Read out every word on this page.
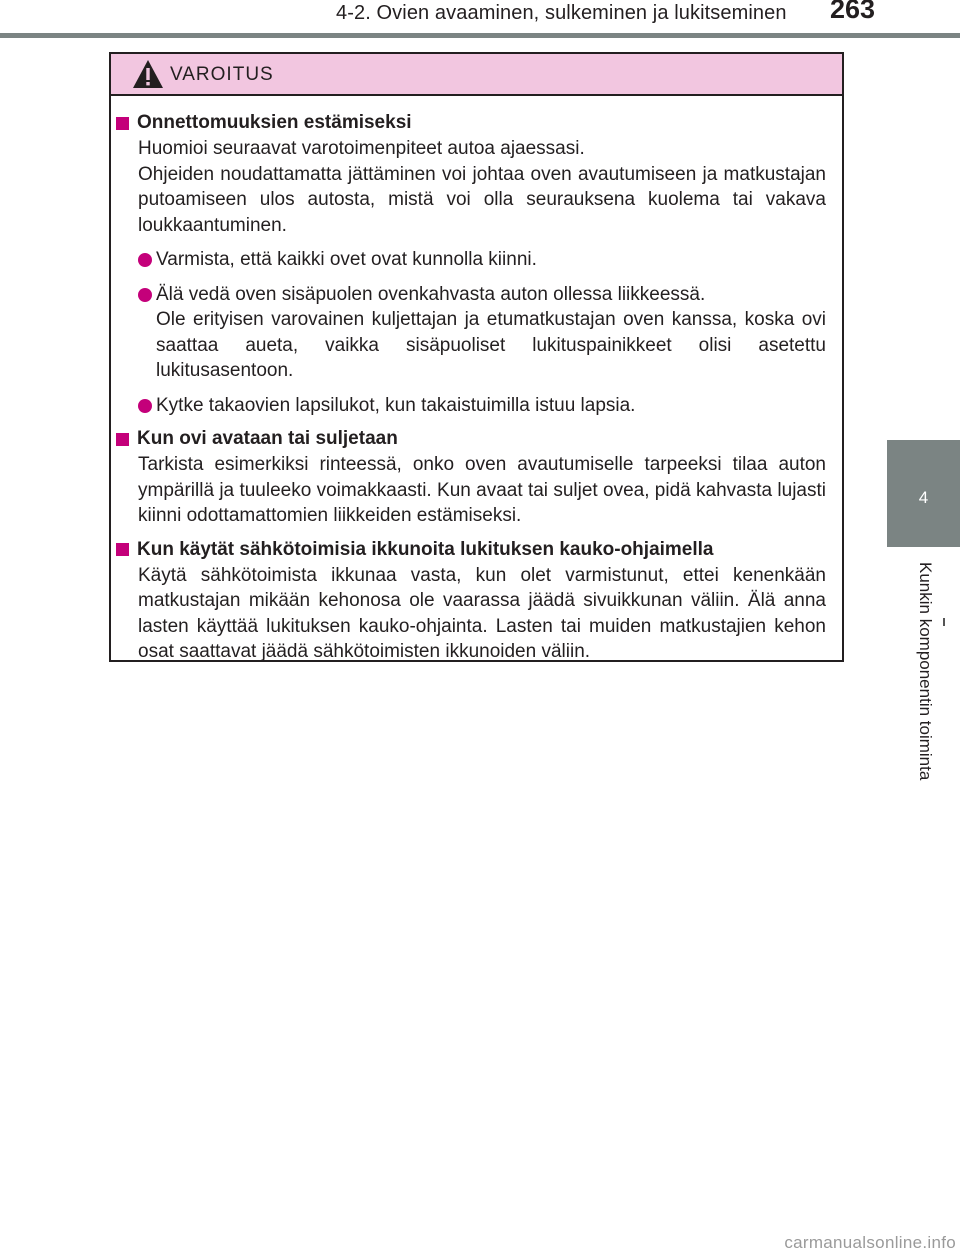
4-2. Ovien avaaminen, sulkeminen ja lukitseminen 263
4
Kunkin komponentin toiminta
VAROITUS
Onnettomuuksien estämiseksi
Huomioi seuraavat varotoimenpiteet autoa ajaessasi.
Ohjeiden noudattamatta jättäminen voi johtaa oven avautumiseen ja matkustajan putoamiseen ulos autosta, mistä voi olla seurauksena kuolema tai vakava loukkaantuminen.

Varmista, että kaikki ovet ovat kunnolla kiinni.

Älä vedä oven sisäpuolen ovenkahvasta auton ollessa liikkeessä.

Ole erityisen varovainen kuljettajan ja etumatkustajan oven kanssa, koska ovi saattaa aueta, vaikka sisäpuoliset lukituspainikkeet olisi asetettu lukitusasentoon.

Kytke takaovien lapsilukot, kun takaistuimilla istuu lapsia.

Kun ovi avataan tai suljetaan
Tarkista esimerkiksi rinteessä, onko oven avautumiselle tarpeeksi tilaa auton ympärillä ja tuuleeko voimakkaasti. Kun avaat tai suljet ovea, pidä kahvasta lujasti kiinni odottamattomien liikkeiden estämiseksi.
Kun käytät sähkötoimisia ikkunoita lukituksen kauko-ohjaimella
Käytä sähkötoimista ikkunaa vasta, kun olet varmistunut, ettei kenenkään matkustajan mikään kehonosa ole vaarassa jäädä sivuikkunan väliin. Älä anna lasten käyttää lukituksen kauko-ohjainta. Lasten tai muiden matkustajien kehon osat saattavat jäädä sähkötoimisten ikkunoiden väliin.
carmanualsonline.info
